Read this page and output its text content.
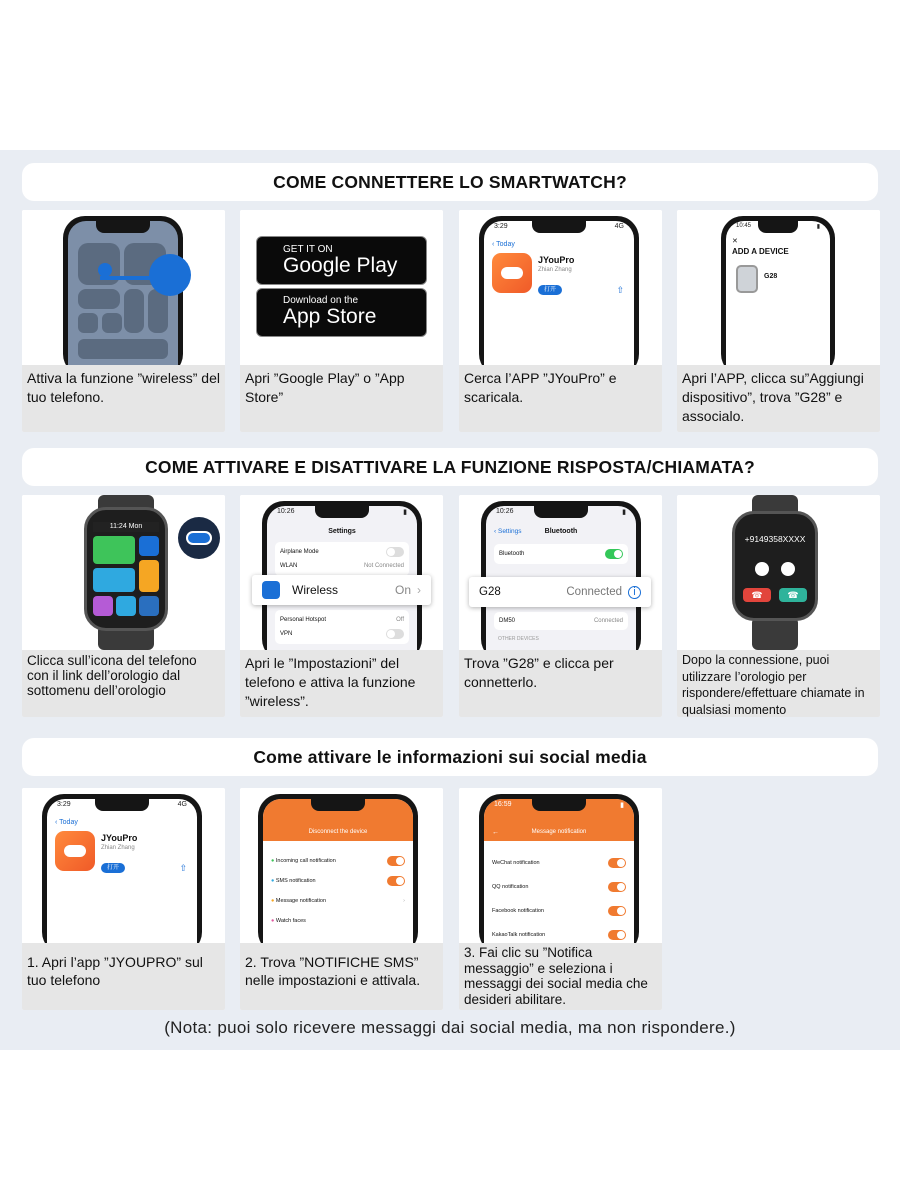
COME CONNETTERE LO SMARTWATCH?
Attiva la funzione ”wireless” del tuo telefono.
GET IT ON
Google Play
Download on the
App Store
Apri ”Google Play” o ”App Store”
3:29	4G
‹ Today
JYouPro
Zhian Zhang
打开	⇧
Cerca l’APP ”JYouPro” e scaricala.
10:45	▮
✕
ADD A DEVICE
G28
Apri l’APP, clicca su”Aggiungi dispositivo”, trova ”G28” e associalo.
COME ATTIVARE E DISATTIVARE LA FUNZIONE RISPOSTA/CHIAMATA?
11:24 Mon
Clicca sull’icona del telefono con il link dell’orologio dal sottomenu dell’orologio
10:26	▮
Settings
Airplane Mode
WLAN	Not Connected
Personal Hotspot	Off
VPN
Wireless	On ›
Apri le ”Impostazioni” del telefono e attiva la funzione ”wireless”.
10:26	▮
‹ Settings	Bluetooth
Bluetooth
DM50	Connected
OTHER DEVICES
G28	Connected	i
Trova ”G28” e clicca per connetterlo.
+9149358XXXX
☎	☎
Dopo la connessione, puoi utilizzare l’orologio per rispondere/effettuare chiamate in qualsiasi momento
Come attivare le informazioni sui social media
3:29	4G
‹ Today
JYouPro
Zhian Zhang
打开	⇧
1. Apri l’app ”JYOUPRO” sul tuo telefono
Disconnect the device
● Incoming call notification
● SMS notification
● Message notification	›
● Watch faces
2. Trova ”NOTIFICHE SMS” nelle impostazioni e attivala.
16:59	▮
←	Message notification
WeChat notification
QQ notification
Facebook notification
KakaoTalk notification
3. Fai clic su ”Notifica messaggio” e seleziona i messaggi dei social media che desideri abilitare.
(Nota: puoi solo ricevere messaggi dai social media, ma non rispondere.)
